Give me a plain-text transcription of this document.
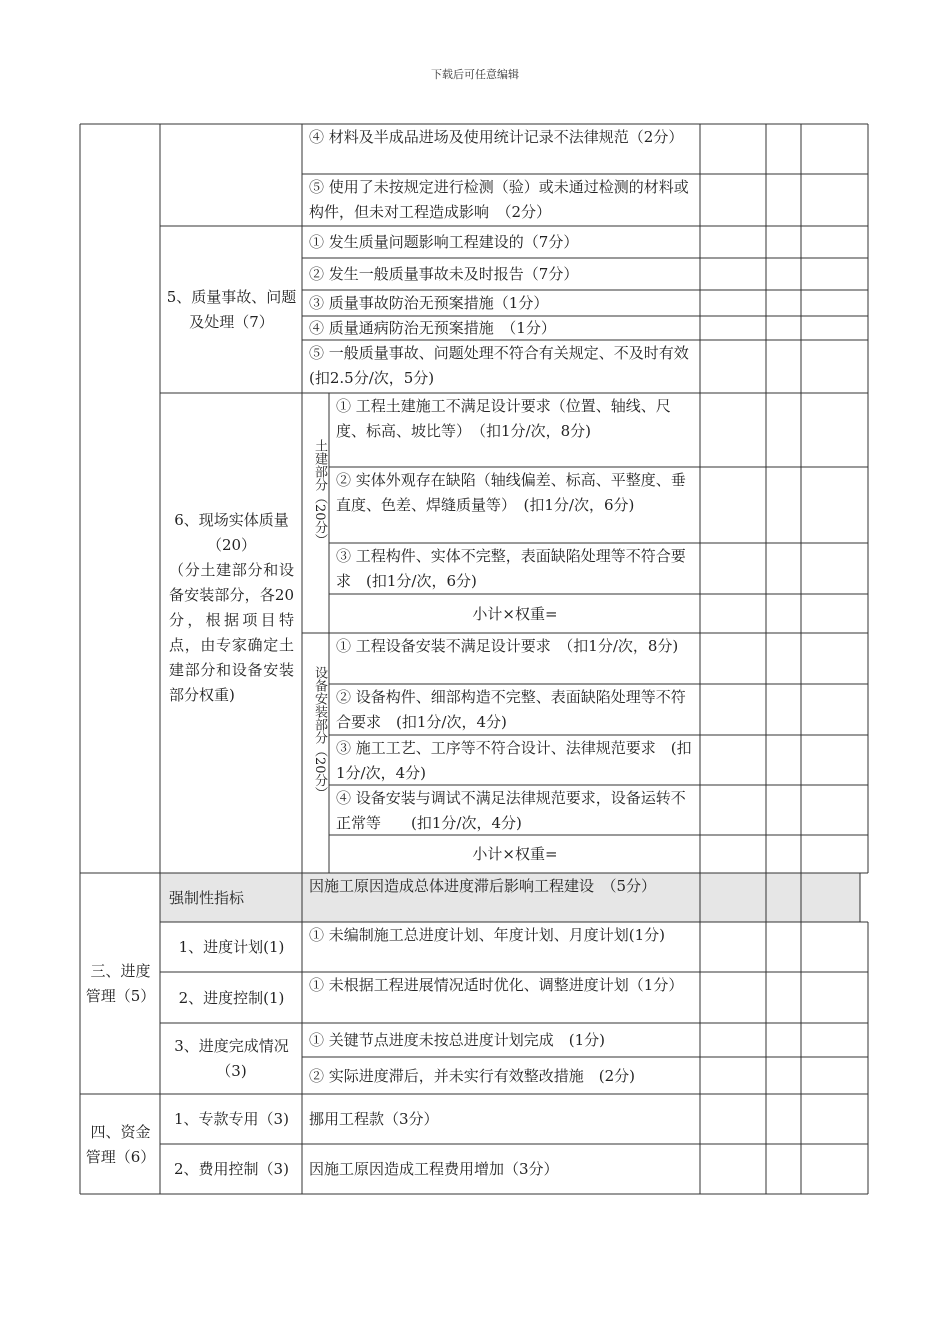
下载后可任意编辑
④ 材料及半成品进场及使用统计记录不法律规范（2分）
⑤ 使用了未按规定进行检测（验）或未通过检测的材料或构件，但未对工程造成影响　（2分）
5、质量事故、问题及处理（7）
① 发生质量问题影响工程建设的（7分）
② 发生一般质量事故未及时报告（7分）
③ 质量事故防治无预案措施（1分）
④ 质量通病防治无预案措施　（1分）
⑤ 一般质量事故、问题处理不符合有关规定、不及时有效　(扣2.5分/次，5分)
6、现场实体质量（20）
（分土建部分和设备安装部分，各20分，根据项目特点，由专家确定土建部分和设备安装部分权重)
土建部分（20分）
① 工程土建施工不满足设计要求（位置、轴线、尺度、标高、坡比等）　（扣1分/次，8分)
② 实体外观存在缺陷（轴线偏差、标高、平整度、垂直度、色差、焊缝质量等）　(扣1分/次，6分)
③ 工程构件、实体不完整，表面缺陷处理等不符合要求　(扣1分/次，6分)
小计×权重=
设备安装部分（20分）
① 工程设备安装不满足设计要求　（扣1分/次，8分)
② 设备构件、细部构造不完整、表面缺陷处理等不符合要求　(扣1分/次，4分)
③ 施工工艺、工序等不符合设计、法律规范要求　(扣1分/次，4分)
④ 设备安装与调试不满足法律规范要求，设备运转不正常等　　(扣1分/次，4分)
小计×权重=
三、进度管理（5）
强制性指标
因施工原因造成总体进度滞后影响工程建设　（5分）
1、进度计划(1)
① 未编制施工总进度计划、年度计划、月度计划(1分)
2、进度控制(1)
① 未根据工程进展情况适时优化、调整进度计划（1分）
3、进度完成情况（3)
① 关键节点进度未按总进度计划完成　(1分)
② 实际进度滞后，并未实行有效整改措施　(2分)
四、资金管理（6）
1、专款专用（3)	挪用工程款（3分）
2、费用控制（3)	因施工原因造成工程费用增加（3分）
